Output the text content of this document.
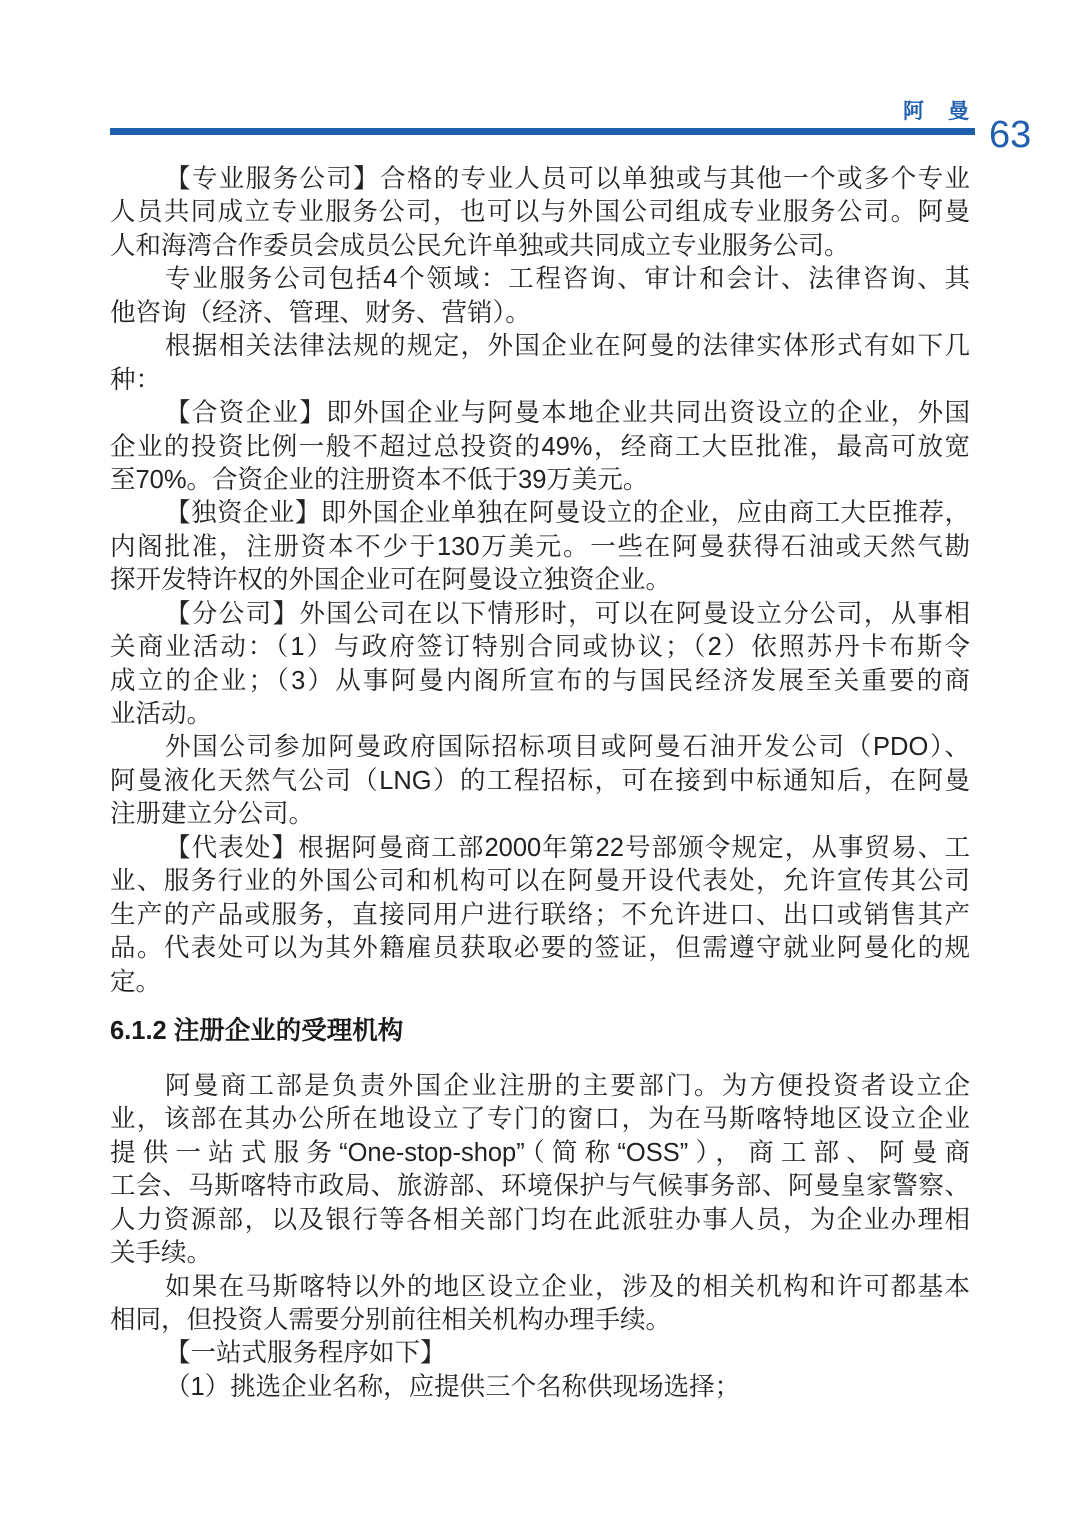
阿曼
63
【专业服务公司】合格的专业人员可以单独或与其他一个或多个专业
人员共同成立专业服务公司，也可以与外国公司组成专业服务公司。阿曼
人和海湾合作委员会成员公民允许单独或共同成立专业服务公司。
专业服务公司包括4个领域：工程咨询、审计和会计、法律咨询、其
他咨询（经济、管理、财务、营销）。
根据相关法律法规的规定，外国企业在阿曼的法律实体形式有如下几
种：
【合资企业】即外国企业与阿曼本地企业共同出资设立的企业，外国
企业的投资比例一般不超过总投资的49%，经商工大臣批准，最高可放宽
至70%。合资企业的注册资本不低于39万美元。
【独资企业】即外国企业单独在阿曼设立的企业，应由商工大臣推荐，
内阁批准，注册资本不少于130万美元。一些在阿曼获得石油或天然气勘
探开发特许权的外国企业可在阿曼设立独资企业。
【分公司】外国公司在以下情形时，可以在阿曼设立分公司，从事相
关商业活动：（1）与政府签订特别合同或协议；（2）依照苏丹卡布斯令
成立的企业；（3）从事阿曼内阁所宣布的与国民经济发展至关重要的商
业活动。
外国公司参加阿曼政府国际招标项目或阿曼石油开发公司（PDO）、
阿曼液化天然气公司（LNG）的工程招标，可在接到中标通知后，在阿曼
注册建立分公司。
【代表处】根据阿曼商工部2000年第22号部颁令规定，从事贸易、工
业、服务行业的外国公司和机构可以在阿曼开设代表处，允许宣传其公司
生产的产品或服务，直接同用户进行联络；不允许进口、出口或销售其产
品。代表处可以为其外籍雇员获取必要的签证，但需遵守就业阿曼化的规
定。
6.1.2 注册企业的受理机构
阿曼商工部是负责外国企业注册的主要部门。为方便投资者设立企
业，该部在其办公所在地设立了专门的窗口，为在马斯喀特地区设立企业
提供一站式服务“One-stop-shop”（简称“OSS”），商工部、阿曼商
工会、马斯喀特市政局、旅游部、环境保护与气候事务部、阿曼皇家警察、
人力资源部，以及银行等各相关部门均在此派驻办事人员，为企业办理相
关手续。
如果在马斯喀特以外的地区设立企业，涉及的相关机构和许可都基本
相同，但投资人需要分别前往相关机构办理手续。
【一站式服务程序如下】
（1）挑选企业名称，应提供三个名称供现场选择；
